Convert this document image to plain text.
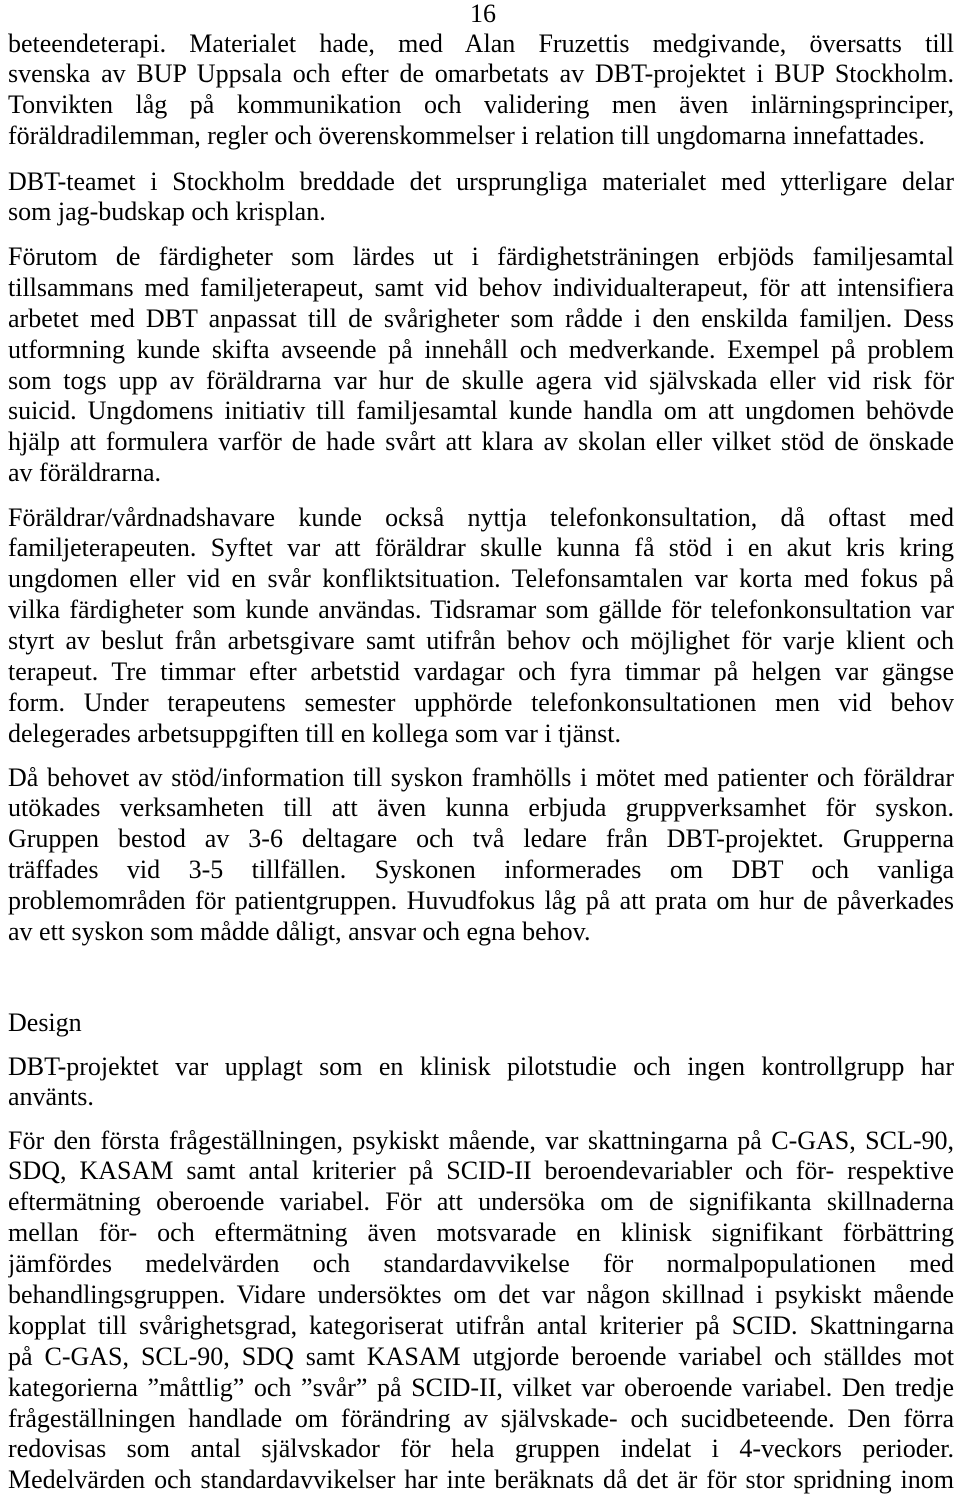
16
beteendeterapi. Materialet hade, med Alan Fruzettis medgivande, översatts till
svenska av BUP Uppsala och efter de omarbetats av DBT-projektet i BUP Stockholm.
Tonvikten låg på kommunikation och validering men även inlärningsprinciper,
föräldradilemman, regler och överenskommelser i relation till ungdomarna innefattades.
DBT-teamet i Stockholm breddade det ursprungliga materialet med ytterligare delar
som jag-budskap och krisplan.
Förutom de färdigheter som lärdes ut i färdighetsträningen erbjöds familjesamtal
tillsammans med familjeterapeut, samt vid behov individualterapeut, för att intensifiera
arbetet med DBT anpassat till de svårigheter som rådde i den enskilda familjen. Dess
utformning kunde skifta avseende på innehåll och medverkande. Exempel på problem
som togs upp av föräldrarna var hur de skulle agera vid självskada eller vid risk för
suicid. Ungdomens initiativ till familjesamtal kunde handla om att ungdomen behövde
hjälp att formulera varför de hade svårt att klara av skolan eller vilket stöd de önskade
av föräldrarna.
Föräldrar/vårdnadshavare kunde också nyttja telefonkonsultation, då oftast med
familjeterapeuten. Syftet var att föräldrar skulle kunna få stöd i en akut kris kring
ungdomen eller vid en svår konfliktsituation. Telefonsamtalen var korta med fokus på
vilka färdigheter som kunde användas. Tidsramar som gällde för telefonkonsultation var
styrt av beslut från arbetsgivare samt utifrån behov och möjlighet för varje klient och
terapeut. Tre timmar efter arbetstid vardagar och fyra timmar på helgen var gängse
form. Under terapeutens semester upphörde telefonkonsultationen men vid behov
delegerades arbetsuppgiften till en kollega som var i tjänst.
Då behovet av stöd/information till syskon framhölls i mötet med patienter och föräldrar
utökades verksamheten till att även kunna erbjuda gruppverksamhet för syskon.
Gruppen bestod av 3-6 deltagare och två ledare från DBT-projektet. Grupperna
träffades vid 3-5 tillfällen. Syskonen informerades om DBT och vanliga
problemområden för patientgruppen. Huvudfokus låg på att prata om hur de påverkades
av ett syskon som mådde dåligt, ansvar och egna behov.
Design
DBT-projektet var upplagt som en klinisk pilotstudie och ingen kontrollgrupp har
använts.
För den första frågeställningen, psykiskt mående, var skattningarna på C-GAS, SCL-90,
SDQ, KASAM samt antal kriterier på SCID-II beroendevariabler och för- respektive
eftermätning oberoende variabel. För att undersöka om de signifikanta skillnaderna
mellan för- och eftermätning även motsvarade en klinisk signifikant förbättring
jämfördes medelvärden och standardavvikelse för normalpopulationen med
behandlingsgruppen. Vidare undersöktes om det var någon skillnad i psykiskt mående
kopplat till svårighetsgrad, kategoriserat utifrån antal kriterier på SCID. Skattningarna
på C-GAS, SCL-90, SDQ samt KASAM utgjorde beroende variabel och ställdes mot
kategorierna ”måttlig” och ”svår” på SCID-II, vilket var oberoende variabel. Den tredje
frågeställningen handlade om förändring av självskade- och sucidbeteende. Den förra
redovisas som antal självskador för hela gruppen indelat i 4-veckors perioder.
Medelvärden och standardavvikelser har inte beräknats då det är för stor spridning inom
